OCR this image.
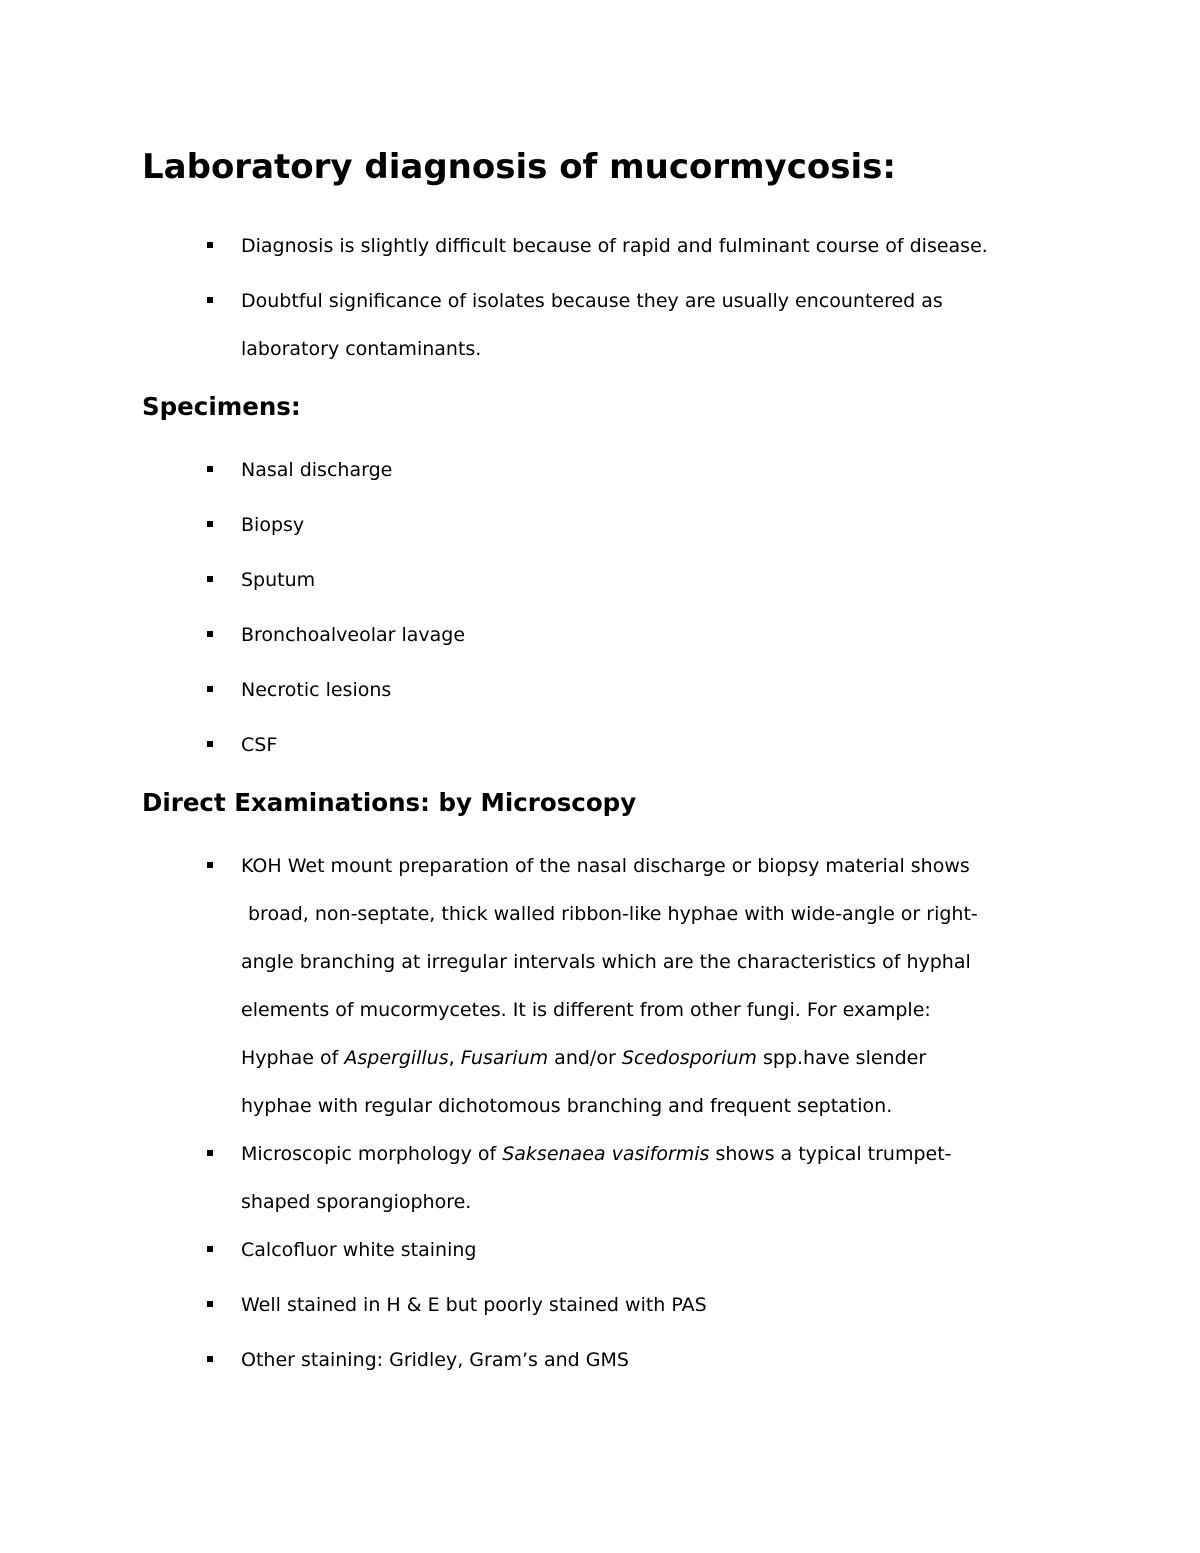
Laboratory diagnosis of mucormycosis:
Diagnosis is slightly difficult because of rapid and fulminant course of disease.
Doubtful significance of isolates because they are usually encountered as
laboratory contaminants.
Specimens:
Nasal discharge
Biopsy
Sputum
Bronchoalveolar lavage
Necrotic lesions
CSF
Direct Examinations: by Microscopy
KOH Wet mount preparation of the nasal discharge or biopsy material shows
broad, non-septate, thick walled ribbon-like hyphae with wide-angle or right-
angle branching at irregular intervals which are the characteristics of hyphal
elements of mucormycetes. It is different from other fungi. For example:
Hyphae of Aspergillus, Fusarium and/or Scedosporium spp.have slender
hyphae with regular dichotomous branching and frequent septation.
Microscopic morphology of Saksenaea vasiformis shows a typical trumpet-
shaped sporangiophore.
Calcofluor white staining
Well stained in H & E but poorly stained with PAS
Other staining: Gridley, Gram’s and GMS
